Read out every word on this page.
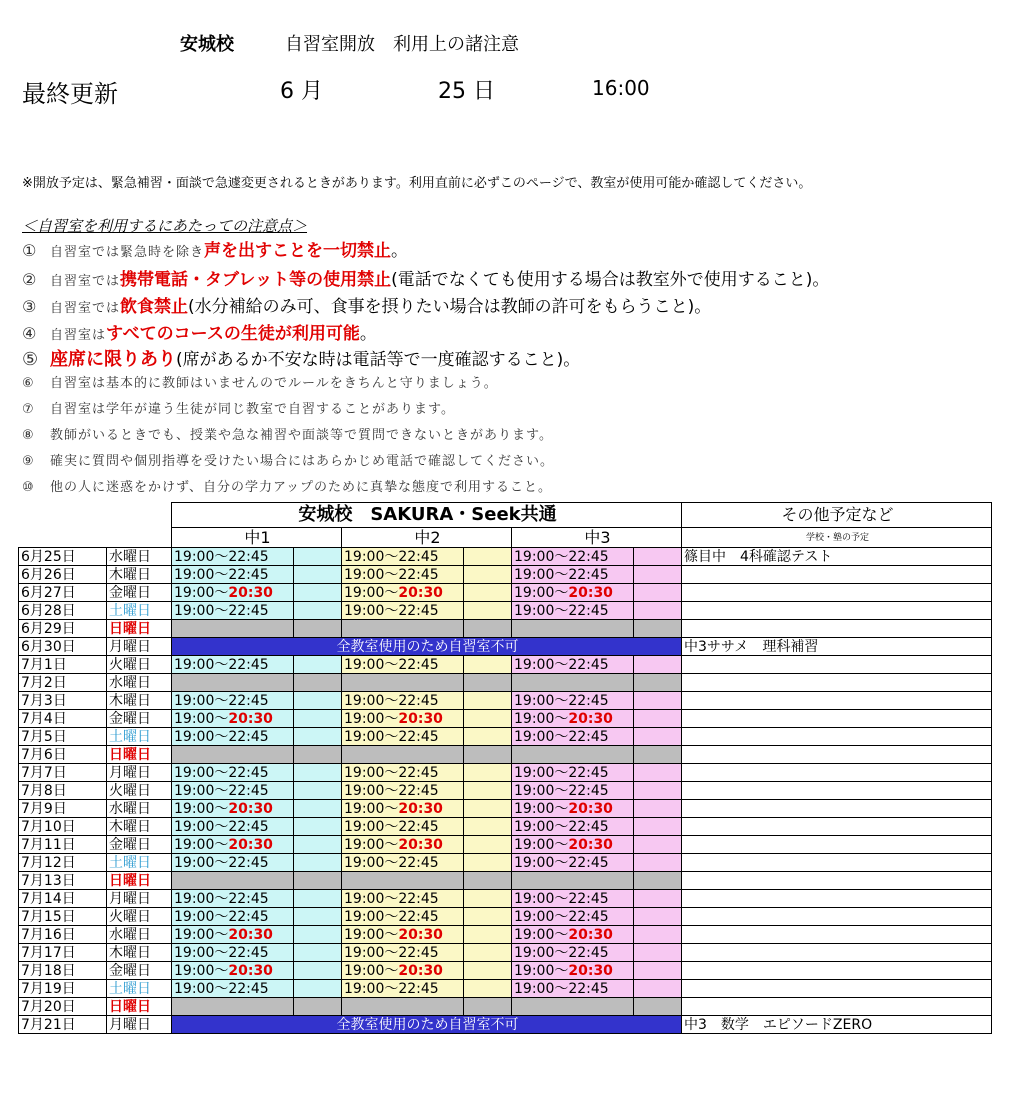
安城校	自習室開放　利用上の諸注意
最終更新	6 月	25 日	16:00
※開放予定は、緊急補習・面談で急遽変更されるときがあります。利用直前に必ずこのページで、教室が使用可能か確認してください。
＜自習室を利用するにあたっての注意点＞
① 自習室では緊急時を除き声を出すことを一切禁止。
② 自習室では携帯電話・タブレット等の使用禁止(電話でなくても使用する場合は教室外で使用すること)。
③ 自習室では飲食禁止(水分補給のみ可、食事を摂りたい場合は教師の許可をもらうこと)。
④ 自習室はすべてのコースの生徒が利用可能。
⑤ 座席に限りあり(席があるか不安な時は電話等で一度確認すること)。
⑥ 自習室は基本的に教師はいませんのでルールをきちんと守りましょう。
⑦ 自習室は学年が違う生徒が同じ教室で自習することがあります。
⑧ 教師がいるときでも、授業や急な補習や面談等で質問できないときがあります。
⑨ 確実に質問や個別指導を受けたい場合にはあらかじめ電話で確認してください。
⑩ 他の人に迷惑をかけず、自分の学力アップのために真摯な態度で利用すること。
		安城校　SAKURA・Seek共通						その他予定など
		中1		中2		中3		学校・塾の予定
6月25日	水曜日	19:00～22:45		19:00～22:45		19:00～22:45		篠目中　4科確認テスト
6月26日	木曜日	19:00～22:45		19:00～22:45		19:00～22:45		
6月27日	金曜日	19:00～20:30		19:00～20:30		19:00～20:30		
6月28日	土曜日	19:00～22:45		19:00～22:45		19:00～22:45		
6月29日	日曜日							
6月30日	月曜日	全教室使用のため自習室不可						中3ササメ　理科補習
7月1日	火曜日	19:00～22:45		19:00～22:45		19:00～22:45		
7月2日	水曜日							
7月3日	木曜日	19:00～22:45		19:00～22:45		19:00～22:45		
7月4日	金曜日	19:00～20:30		19:00～20:30		19:00～20:30		
7月5日	土曜日	19:00～22:45		19:00～22:45		19:00～22:45		
7月6日	日曜日							
7月7日	月曜日	19:00～22:45		19:00～22:45		19:00～22:45		
7月8日	火曜日	19:00～22:45		19:00～22:45		19:00～22:45		
7月9日	水曜日	19:00～20:30		19:00～20:30		19:00～20:30		
7月10日	木曜日	19:00～22:45		19:00～22:45		19:00～22:45		
7月11日	金曜日	19:00～20:30		19:00～20:30		19:00～20:30		
7月12日	土曜日	19:00～22:45		19:00～22:45		19:00～22:45		
7月13日	日曜日							
7月14日	月曜日	19:00～22:45		19:00～22:45		19:00～22:45		
7月15日	火曜日	19:00～22:45		19:00～22:45		19:00～22:45		
7月16日	水曜日	19:00～20:30		19:00～20:30		19:00～20:30		
7月17日	木曜日	19:00～22:45		19:00～22:45		19:00～22:45		
7月18日	金曜日	19:00～20:30		19:00～20:30		19:00～20:30		
7月19日	土曜日	19:00～22:45		19:00～22:45		19:00～22:45		
7月20日	日曜日							
7月21日	月曜日	全教室使用のため自習室不可						中3　数学　エピソードZERO
